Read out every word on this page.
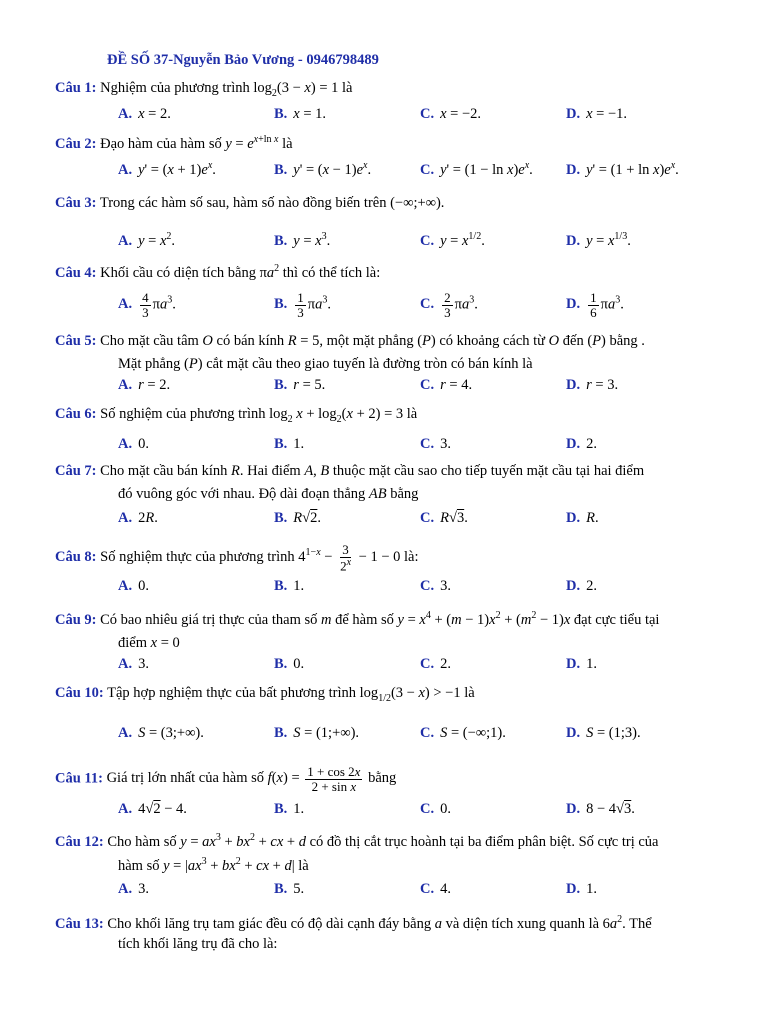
ĐỀ SỐ 37-Nguyễn Bảo Vương - 0946798489
Câu 1: Nghiệm của phương trình $\log_2(3 - x) = 1$ là
A. x = 2.	B. x = 1.	C. x = −2.	D. x = −1.
Câu 2: Đạo hàm của hàm số $y = e^{x+ln x}$ là
A. $y' = (x + 1)e^x$.	B. $y' = (x - 1)e^x$.	C. $y' = (1 - \ln x)e^x$. D. $y' = (1 + \ln x)e^x$.
Câu 3: Trong các hàm số sau, hàm số nào đồng biến trên (−∞;+∞).
A. $y = x^2$.	B. $y = x^3$.	C. $y = x^{1/2}$.	D. $y = x^{1/3}$.
Câu 4: Khối cầu có diện tích bằng $\pi a^2$ thì có thể tích là:
A. $\frac{4}{3} \pi a^3$.	B. $\frac{1}{3} \pi a^3$.	C. $\frac{2}{3} \pi a^3$.	D. $\frac{1}{6} \pi a^3$.
Câu 5: Cho mặt cầu tâm O có bán kính R = 5, một mặt phẳng (P) có khoảng cách từ O đến (P) bằng .
Mặt phẳng (P) cắt mặt cầu theo giao tuyến là đường tròn có bán kính là
A. r = 2.	B. r = 5.	C. r = 4.	D. r = 3.
Câu 6: Số nghiệm của phương trình $\log_2 x + \log_2(x + 2) = 3$ là
A. 0.	B. 1.	C. 3.	D. 2.
Câu 7: Cho mặt cầu bán kính R. Hai điểm A, B thuộc mặt cầu sao cho tiếp tuyến mặt cầu tại hai điểm
đó vuông góc với nhau. Độ dài đoạn thẳng AB bằng
A. 2R.	B. R√2.	C. R√3.	D. R.
Câu 8: Số nghiệm thực của phương trình $4^{1-x} - \frac{3}{2^x} - 1 - 0$ là:
A. 0.	B. 1.	C. 3.	D. 2.
Câu 9: Có bao nhiêu giá trị thực của tham số m để hàm số $y = x^4 + (m - 1)x^2 + (m^2 - 1)x$ đạt cực tiểu tại
điểm x = 0
A. 3.	B. 0.	C. 2.	D. 1.
Câu 10: Tập hợp nghiệm thực của bất phương trình $\log_{1/2}(3 - x) > -1$ là
A. S = (3;+∞).	B. S = (1;+∞).	C. S = (−∞;1).	D. S = (1;3).
Câu 11: Giá trị lớn nhất của hàm số $f(x) = \frac{1 + \cos 2x}{\text{2 + sin x}}$ bằng
A. 4√2 − 4.	B. 1.	C. 0.	D. 8 − 4√3.
Câu 12: Cho hàm số $y = ax^3 + bx^2$ + cx + d có đồ thị cắt trục hoành tại ba điểm phân biệt. Số cực trị của
hàm số $y = |ax^3 + bx^2$ + cx + d| là
A. 3.	B. 5.	C. 4.	D. 1.
Câu 13: Cho khối lăng trụ tam giác đều có độ dài cạnh đáy bằng a và diện tích xung quanh là $6a^2$. Thể
tích khối lăng trụ đã cho là:
